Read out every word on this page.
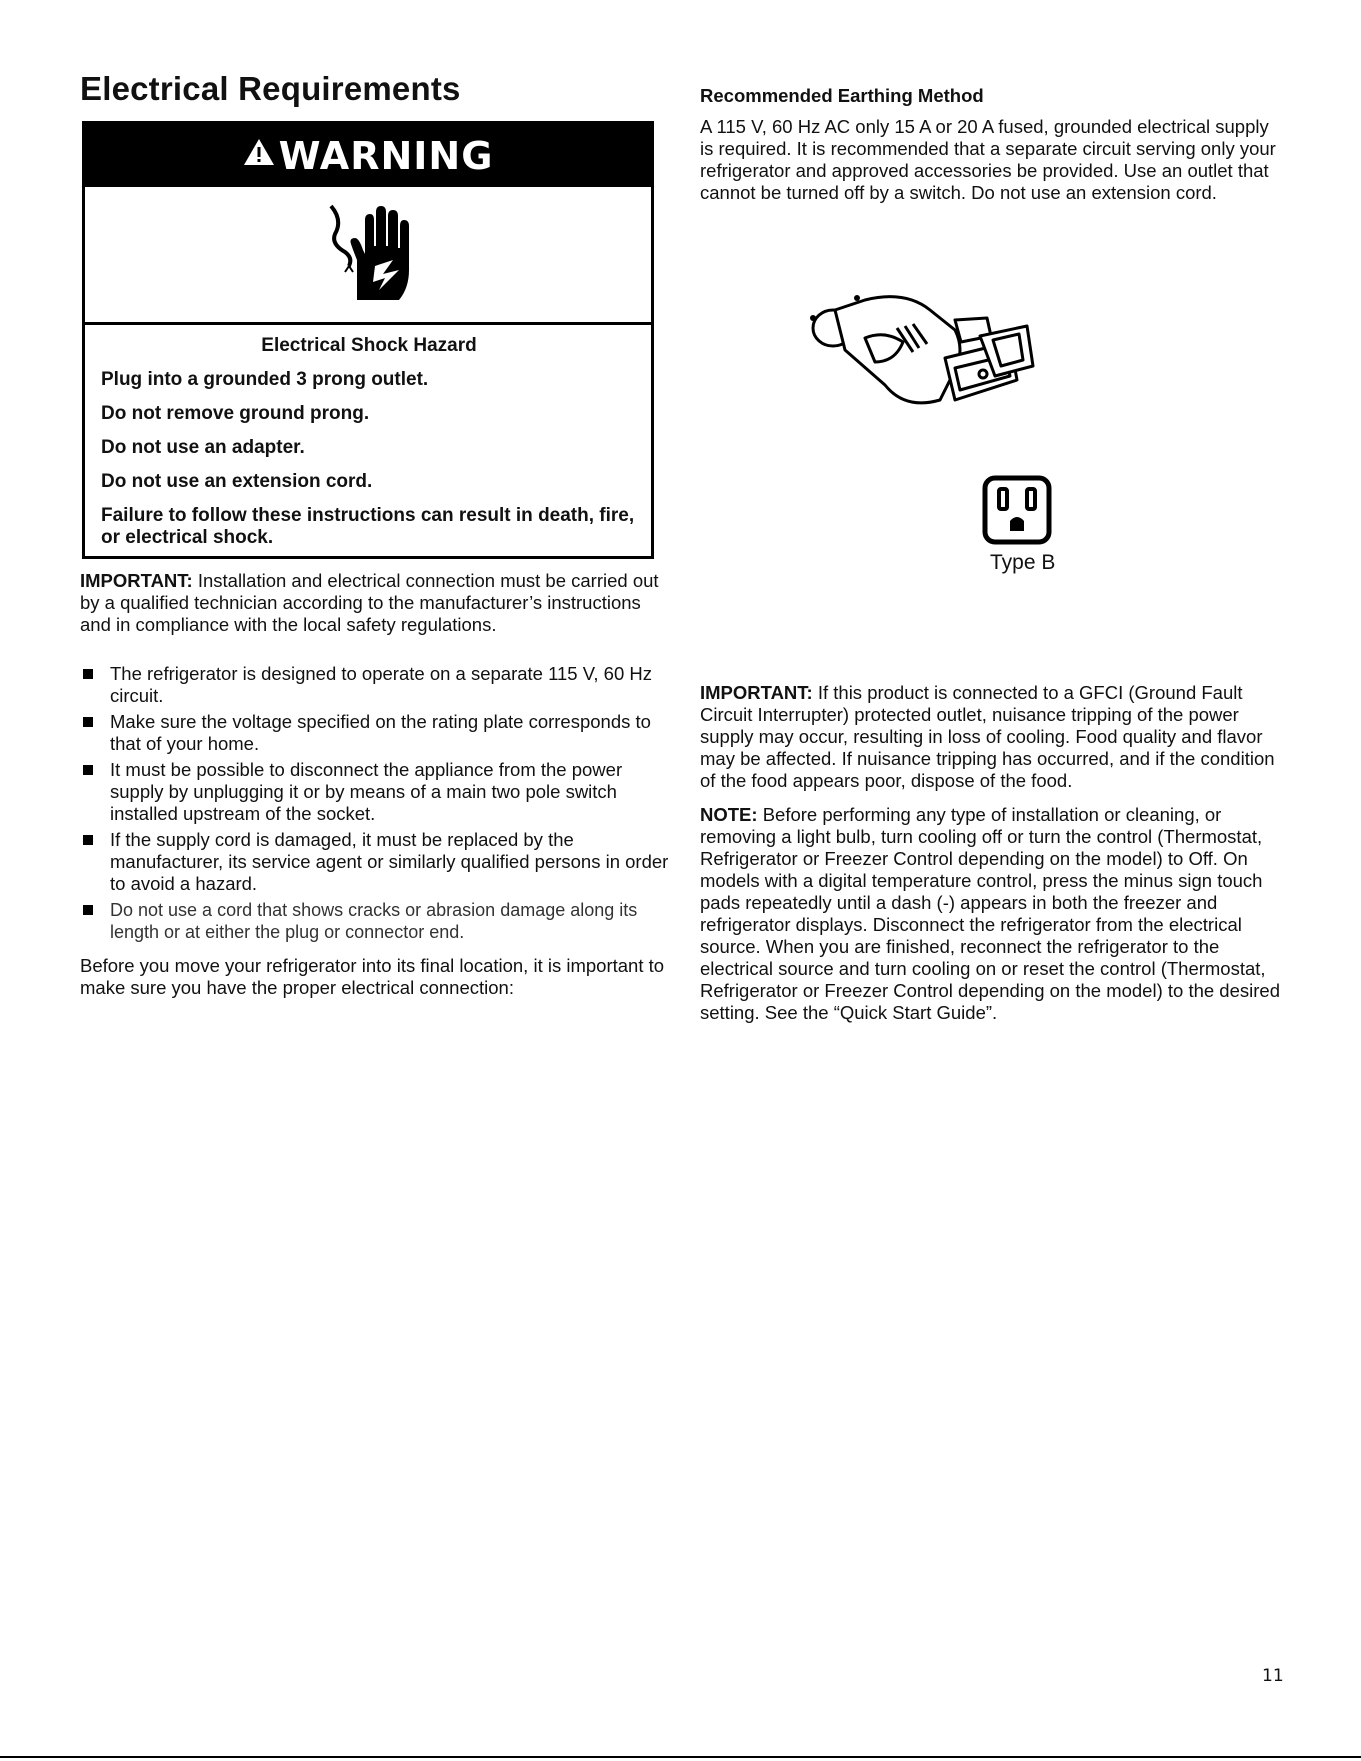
Electrical Requirements
WARNING

Electrical Shock Hazard

Plug into a grounded 3 prong outlet.

Do not remove ground prong.

Do not use an adapter.

Do not use an extension cord.

Failure to follow these instructions can result in death, fire, or electrical shock.

IMPORTANT: Installation and electrical connection must be carried out by a qualified technician according to the manufacturer’s instructions and in compliance with the local safety regulations.

The refrigerator is designed to operate on a separate 115 V, 60 Hz circuit.
Make sure the voltage specified on the rating plate corresponds to that of your home.
It must be possible to disconnect the appliance from the power supply by unplugging it or by means of a main two pole switch installed upstream of the socket.
If the supply cord is damaged, it must be replaced by the manufacturer, its service agent or similarly qualified persons in order to avoid a hazard.
Do not use a cord that shows cracks or abrasion damage along its length or at either the plug or connector end.

Before you move your refrigerator into its final location, it is important to make sure you have the proper electrical connection:

Recommended Earthing Method

A 115 V, 60 Hz AC only 15 A or 20 A fused, grounded electrical supply is required. It is recommended that a separate circuit serving only your refrigerator and approved accessories be provided. Use an outlet that cannot be turned off by a switch. Do not use an extension cord.

Type B

IMPORTANT: If this product is connected to a GFCI (Ground Fault Circuit Interrupter) protected outlet, nuisance tripping of the power supply may occur, resulting in loss of cooling. Food quality and flavor may be affected. If nuisance tripping has occurred, and if the condition of the food appears poor, dispose of the food.

NOTE: Before performing any type of installation or cleaning, or removing a light bulb, turn cooling off or turn the control (Thermostat, Refrigerator or Freezer Control depending on the model) to Off. On models with a digital temperature control, press the minus sign touch pads repeatedly until a dash (-) appears in both the freezer and refrigerator displays. Disconnect the refrigerator from the electrical source. When you are finished, reconnect the refrigerator to the electrical source and turn cooling on or reset the control (Thermostat, Refrigerator or Freezer Control depending on the model) to the desired setting. See the “Quick Start Guide”.

11
